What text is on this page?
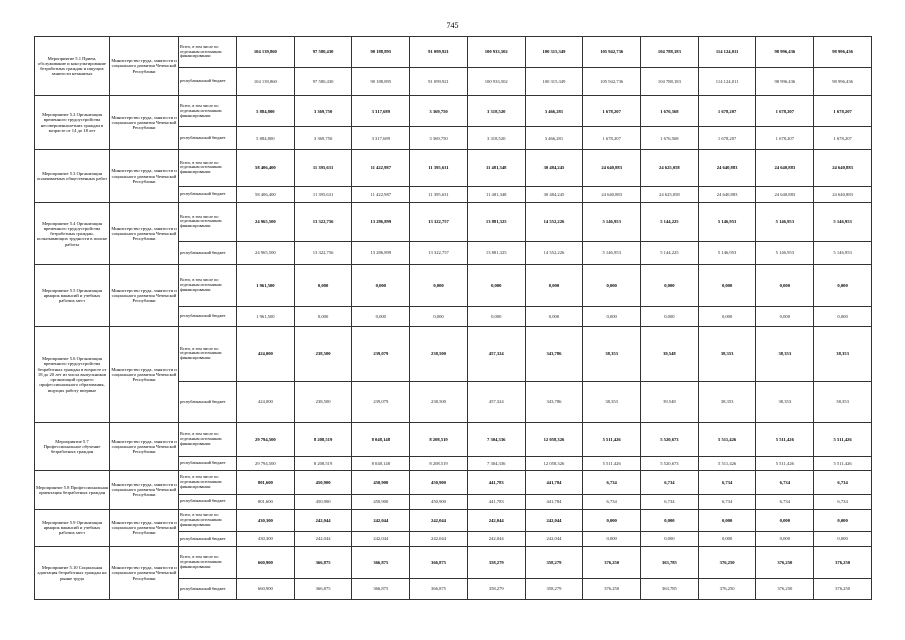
745
Мероприятие 5.1 Прием, обслуживание и консультирование безработных граждан и ищущих занятости незанятых	Министерство труда, занятости и социального развития Чеченской Республики	Всего, в том числе по отдельным источникам финансирования:	104 139,860	97 580,430	90 188,895	91 099,921	100 933,502	100 315,349	105 942,736	104 788,183	114 124,011	98 996,436	98 996,436
		республиканский бюджет	104 139,860	97 580,430	90 188,895	91 099,921	100 933,502	100 315,349	105 942,736	104 788,183	114 124,011	98 996,436	98 996,436
Мероприятие 5.2 Организация временного трудоустройства несовершеннолетних граждан в возрасте от 14 до 18 лет	Министерство труда, занятости и социального развития Чеченской Республики	Всего, в том числе по отдельным источникам финансирования:	5 884,800	3 369,750	3 317,689	3 369,750	3 318,520	3 466,281	1 678,207	1 676,568	1 678,207	1 678,207	1 678,207
		республиканский бюджет	5 884,800	3 369,750	3 317,689	3 369,750	3 318,520	3 466,281	1 678,207	1 676,568	1 678,207	1 678,207	1 678,207
Мероприятие 5.3 Организация оплачиваемых общественных работ	Министерство труда, занятости и социального развития Чеченской Республики	Всего, в том числе по отдельным источникам финансирования:	58 406,400	11 395,631	11 422,987	11 395,631	11 481,348	30 484,245	24 640,883	24 625,058	24 640,883	24 640,883	24 640,883
		республиканский бюджет	58 406,400	11 395,631	11 422,987	11 395,631	11 481,348	30 484,245	24 640,883	24 625,058	24 640,883	24 640,883	24 640,883
Мероприятие 5.4 Организация временного трудоустройства безработных граждан, испытывающих трудности в поиске работы	Министерство труда, занятости и социального развития Чеченской Республики	Всего, в том числе по отдельным источникам финансирования:	24 965,500	13 322,756	13 286,899	13 322,757	13 881,325	14 552,226	5 146,953	5 144,225	5 146,953	5 146,953	5 146,953
		республиканский бюджет	24 965,500	13 322,756	13 286,899	13 322,757	13 881,325	14 552,226	5 146,953	5 144,225	5 146,953	5 146,953	5 146,953
Мероприятие 5.5 Организация ярмарок вакансий и учебных рабочих мест	Министерство труда, занятости и социального развития Чеченской Республики	Всего, в том числе по отдельным источникам финансирования:	1 961,500	0,000	0,000	0,000	0,000	0,000	0,000	0,000	0,000	0,000	0,000
		республиканский бюджет	1 961,500	0,000	0,000	0,000	0,000	0,000	0,000	0,000	0,000	0,000	0,000
Мероприятие 5.6 Организация временного трудоустройства безработных граждан в возрасте от 18 до 20 лет из числа выпускников организаций среднего профессионального образования, ищущих работу впервые	Министерство труда, занятости и социального развития Чеченской Республики	Всего, в том числе по отдельным источникам финансирования:	424,000	238,500	239,079	238,500	457,324	343,786	38,353	39,548	38,353	38,353	38,353
		республиканский бюджет	424,000	238,500	239,079	238,500	457,324	343,786	38,353	39,548	38,353	38,353	38,353
Мероприятие 5.7 Профессиональное обучение безработных граждан	Министерство труда, занятости и социального развития Чеченской Республики	Всего, в том числе по отдельным источникам финансирования:	29 794,500	8 208,519	8 048,148	8 208,519	7 304,336	12 058,326	5 511,426	5 520,673	5 511,426	5 511,426	5 511,426
		республиканский бюджет	29 794,500	8 208,519	8 048,148	8 208,519	7 304,336	12 058,326	5 511,426	5 520,673	5 511,426	5 511,426	5 511,426
Мероприятие 5.8 Профессиональная ориентация безработных граждан	Министерство труда, занятости и социального развития Чеченской Республики	Всего, в том числе по отдельным источникам финансирования:	801,600	450,900	450,900	450,900	441,783	441,784	6,734	6,734	6,734	6,734	6,734
		республиканский бюджет	801,600	450,900	450,900	450,900	441,783	441,784	6,734	6,734	6,734	6,734	6,734
Мероприятие 5.9 Организация ярмарок вакансий и учебных рабочих мест	Министерство труда, занятости и социального развития Чеченской Республики	Всего, в том числе по отдельным источникам финансирования:	430,300	242,044	242,044	242,044	242,044	242,044	0,000	0,000	0,000	0,000	0,000
		республиканский бюджет	430,300	242,044	242,044	242,044	242,044	242,044	0,000	0,000	0,000	0,000	0,000
Мероприятие 5.10 Социальная адаптация безработных граждан на рынке труда	Министерство труда, занятости и социального развития Чеченской Республики	Всего, в том числе по отдельным источникам финансирования:	660,900	366,875	366,875	366,875	358,279	358,279	376,250	363,785	376,250	376,250	376,250
		республиканский бюджет	660,900	366,875	366,875	366,875	358,279	358,279	376,250	363,785	376,250	376,250	376,250
